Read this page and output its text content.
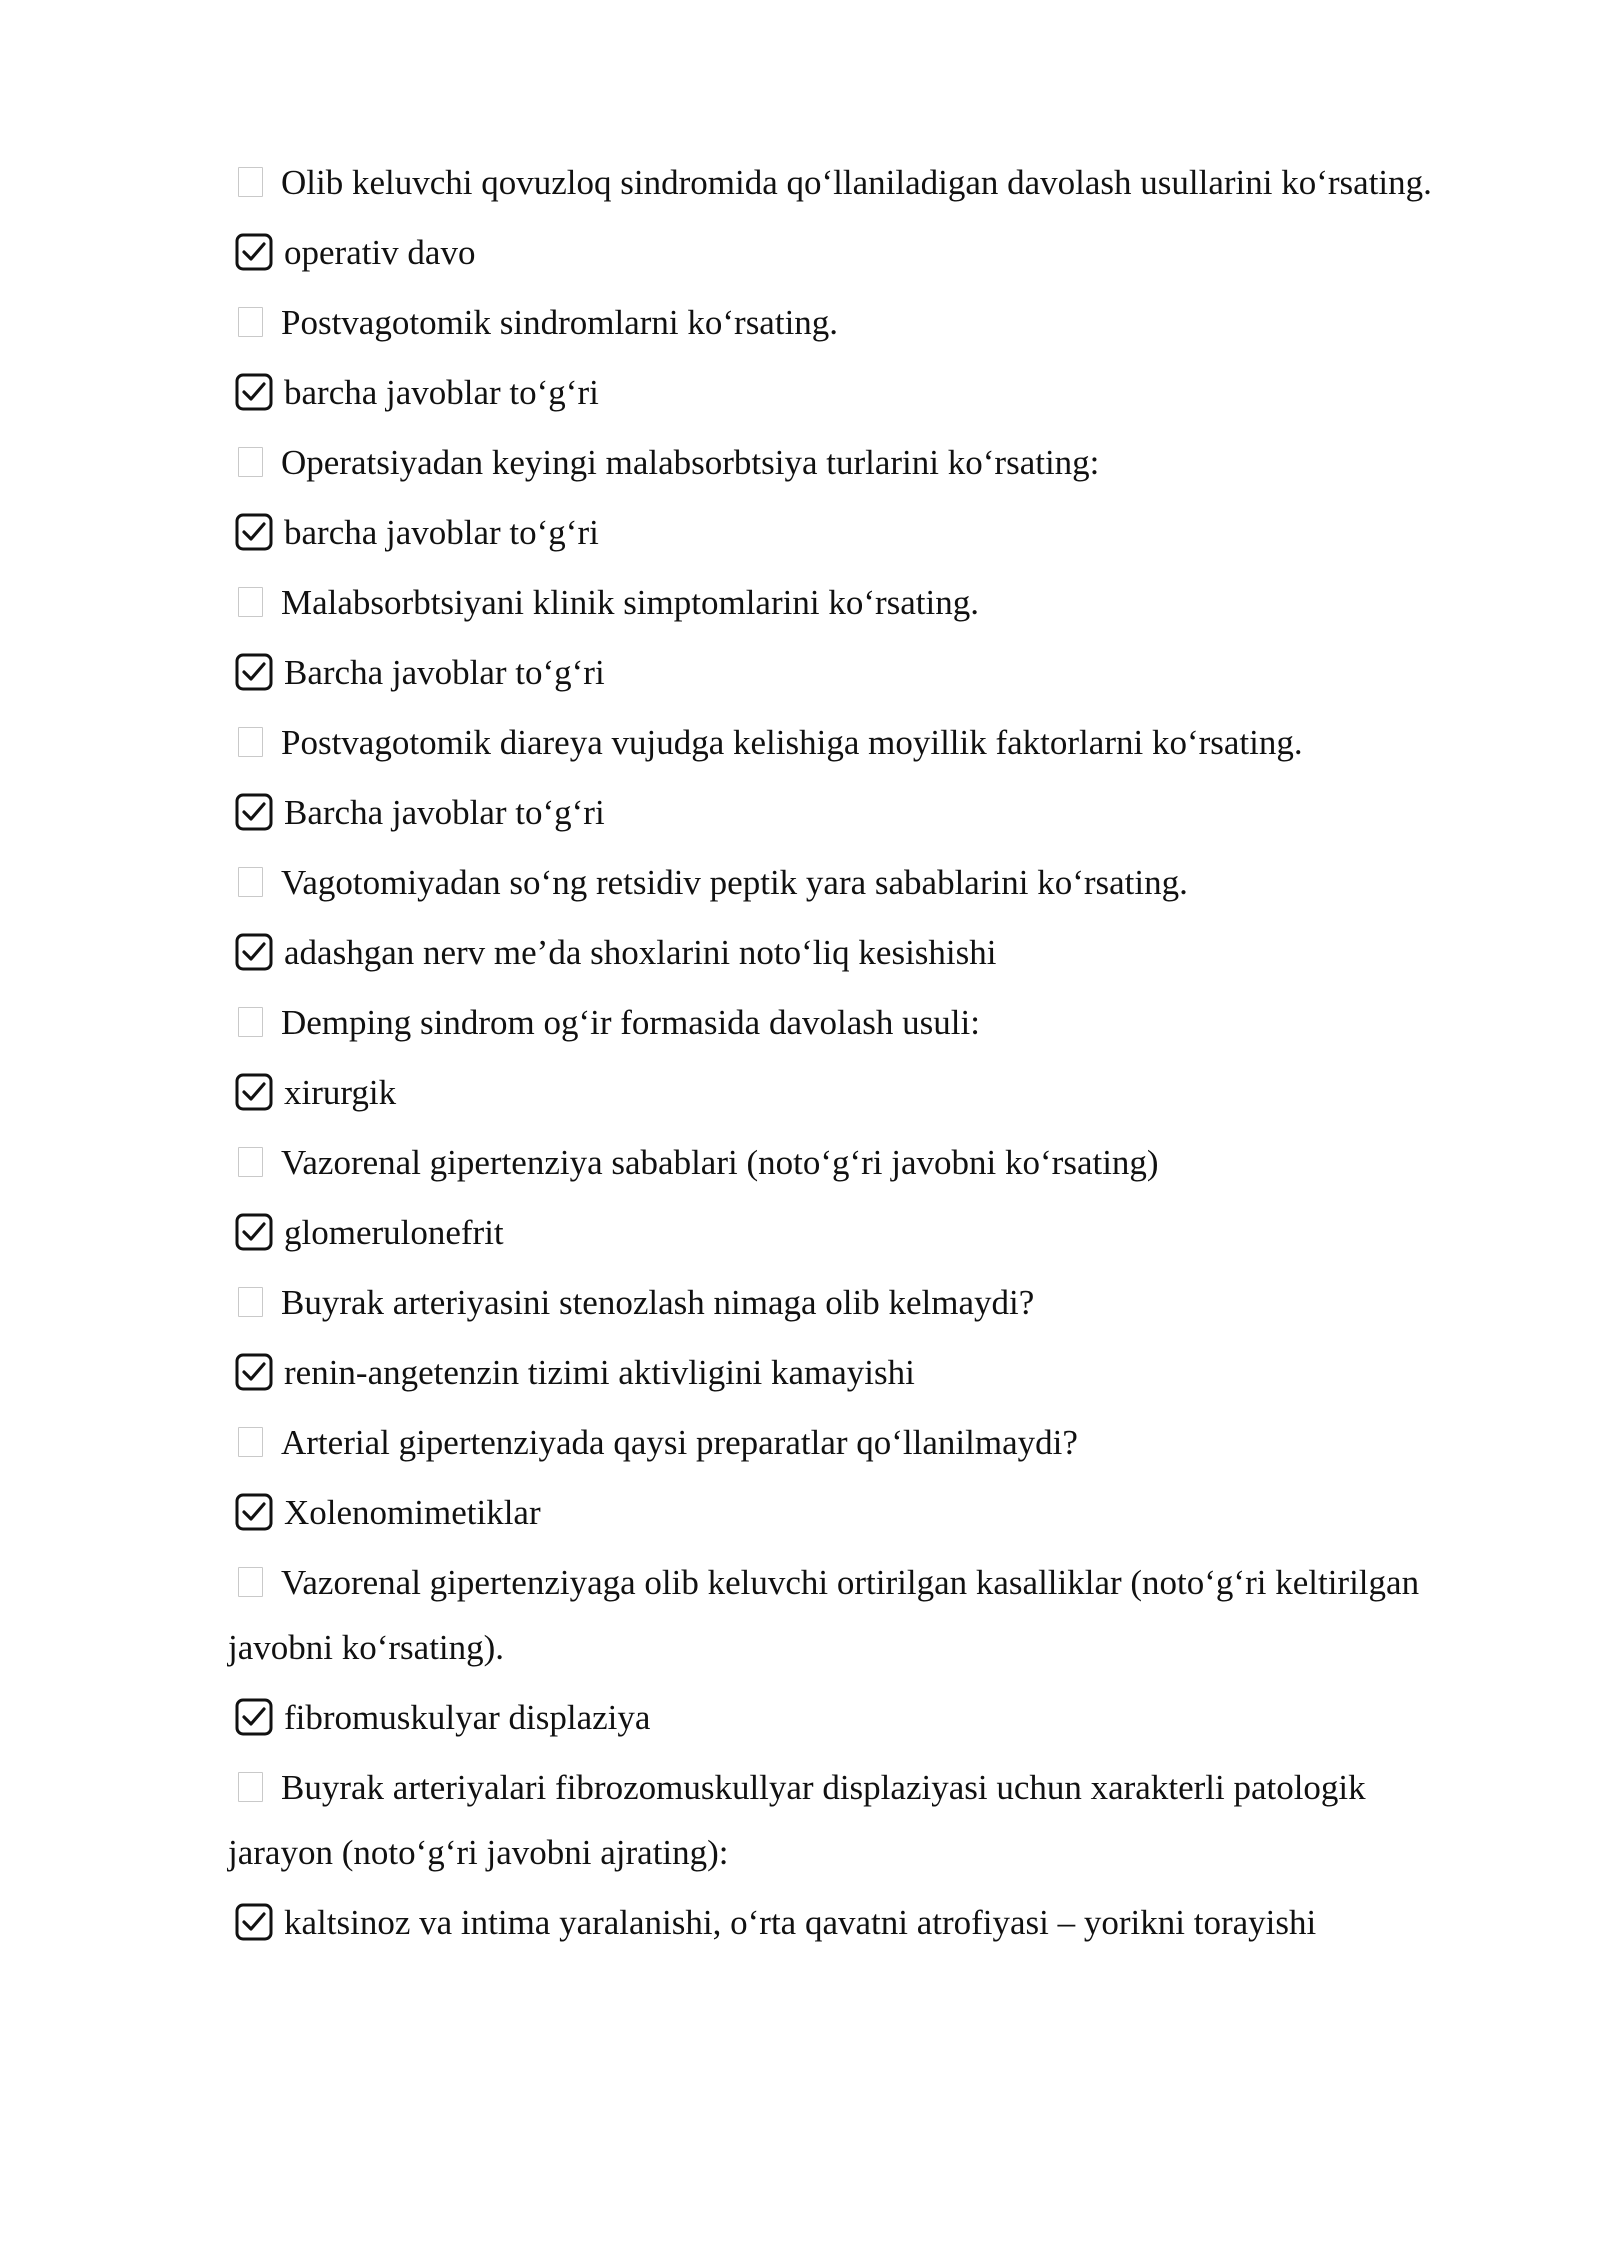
Olib keluvchi qovuzloq sindromida qo‘llaniladigan davolash usullarini ko‘rsating.

operativ davo

Postvagotomik sindromlarni ko‘rsating.

barcha javoblar to‘g‘ri

Operatsiyadan keyingi malabsorbtsiya turlarini ko‘rsating:

barcha javoblar to‘g‘ri

Malabsorbtsiyani klinik simptomlarini ko‘rsating.

Barcha javoblar to‘g‘ri

Postvagotomik diareya vujudga kelishiga moyillik faktorlarni ko‘rsating.

Barcha javoblar to‘g‘ri

Vagotomiyadan so‘ng retsidiv peptik yara sabablarini ko‘rsating.

adashgan nerv me’da shoxlarini noto‘liq kesishishi

Demping sindrom og‘ir formasida davolash usuli:

xirurgik

Vazorenal gipertenziya sabablari (noto‘g‘ri javobni ko‘rsating)

glomerulonefrit

Buyrak arteriyasini stenozlash nimaga olib kelmaydi?

renin-angetenzin tizimi aktivligini kamayishi

Arterial gipertenziyada qaysi preparatlar qo‘llanilmaydi?

Xolenomimetiklar

Vazorenal gipertenziyaga olib keluvchi ortirilgan kasalliklar (noto‘g‘ri keltirilgan javobni ko‘rsating).

fibromuskulyar displaziya

Buyrak arteriyalari fibrozomuskullyar displaziyasi uchun xarakterli patologik jarayon (noto‘g‘ri javobni ajrating):

kaltsinoz va intima yaralanishi, o‘rta qavatni atrofiyasi – yorikni torayishi
